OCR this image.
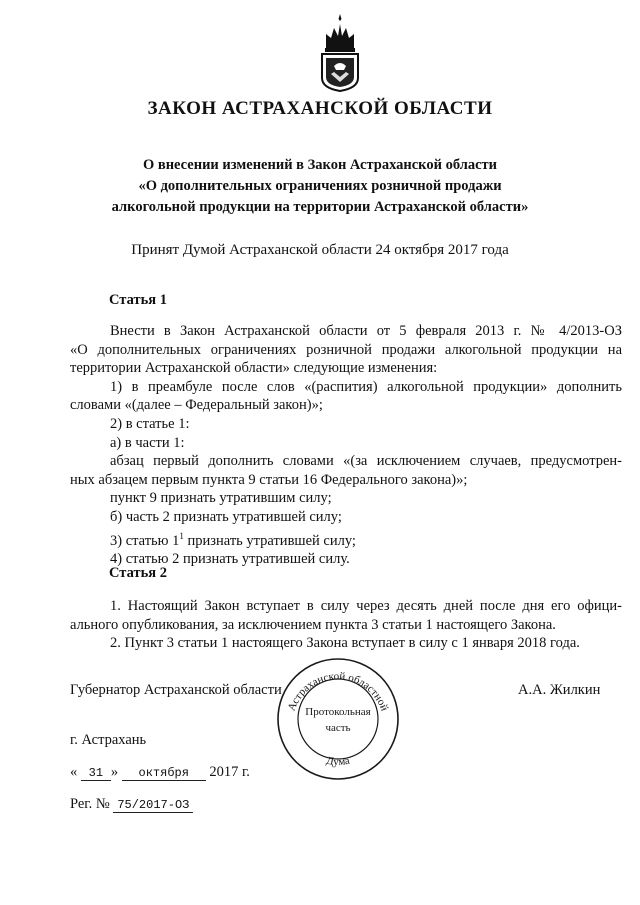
ЗАКОН АСТРАХАНСКОЙ ОБЛАСТИ
О внесении изменений в Закон Астраханской области
«О дополнительных ограничениях розничной продажи
алкогольной продукции на территории Астраханской области»
Принят Думой Астраханской области 24 октября 2017 года
Статья 1
Внести в Закон Астраханской области от 5 февраля 2013 г. № 4/2013-ОЗ
«О дополнительных ограничениях розничной продажи алкогольной продукции на
территории Астраханской области» следующие изменения:
1) в преамбуле после слов «(распития) алкогольной продукции» дополнить
словами «(далее – Федеральный закон)»;
2) в статье 1:
а) в части 1:
абзац первый дополнить словами «(за исключением случаев, предусмотрен-
ных абзацем первым пункта 9 статьи 16 Федерального закона)»;
пункт 9 признать утратившим силу;
б) часть 2 признать утратившей силу;
3) статью $1^1$ признать утратившей силу;
4) статью 2 признать утратившей силу.
Статья 2
1. Настоящий Закон вступает в силу через десять дней после дня его офици-
ального опубликования, за исключением пункта 3 статьи 1 настоящего Закона.
2. Пункт 3 статьи 1 настоящего Закона вступает в силу с 1 января 2018 года.
Губернатор Астраханской области	А.А. Жилкин
г. Астрахань
« 31 » октября 2017 г.
Рег. № 75/2017-ОЗ
Астраханской областной
Дума
Протокольная
часть
